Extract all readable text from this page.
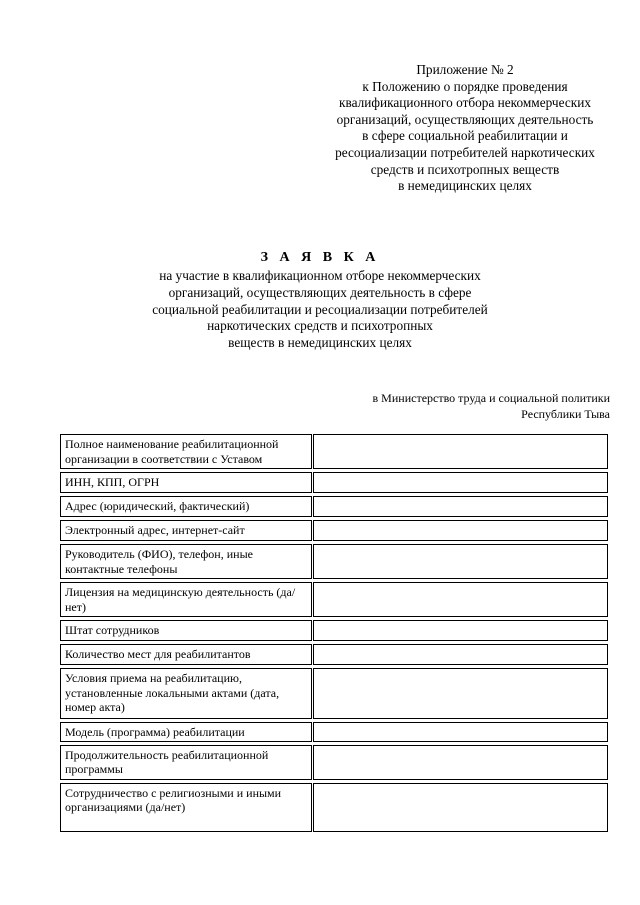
Приложение № 2
к Положению о порядке проведения
квалификационного отбора некоммерческих
организаций, осуществляющих деятельность
в сфере социальной реабилитации и
ресоциализации потребителей наркотических
средств и психотропных веществ
в немедицинских целях
З А Я В К А
на участие в квалификационном отборе некоммерческих
организаций, осуществляющих деятельность в сфере
социальной реабилитации и ресоциализации потребителей
наркотических средств и психотропных
веществ в немедицинских целях
в Министерство труда и социальной политики
Республики Тыва
Полное наименование реабилитационной организации в соответствии с Уставом	

ИНН, КПП, ОГРН	

Адрес (юридический, фактический)	

Электронный адрес, интернет-сайт	

Руководитель (ФИО), телефон, иные контактные телефоны	

Лицензия на медицинскую деятельность (да/нет)	

Штат сотрудников	

Количество мест для реабилитантов	

Условия приема на реабилитацию, установленные локальными актами (дата, номер акта)	

Модель (программа) реабилитации	

Продолжительность реабилитационной программы	

Сотрудничество с религиозными и иными организациями (да/нет)	
